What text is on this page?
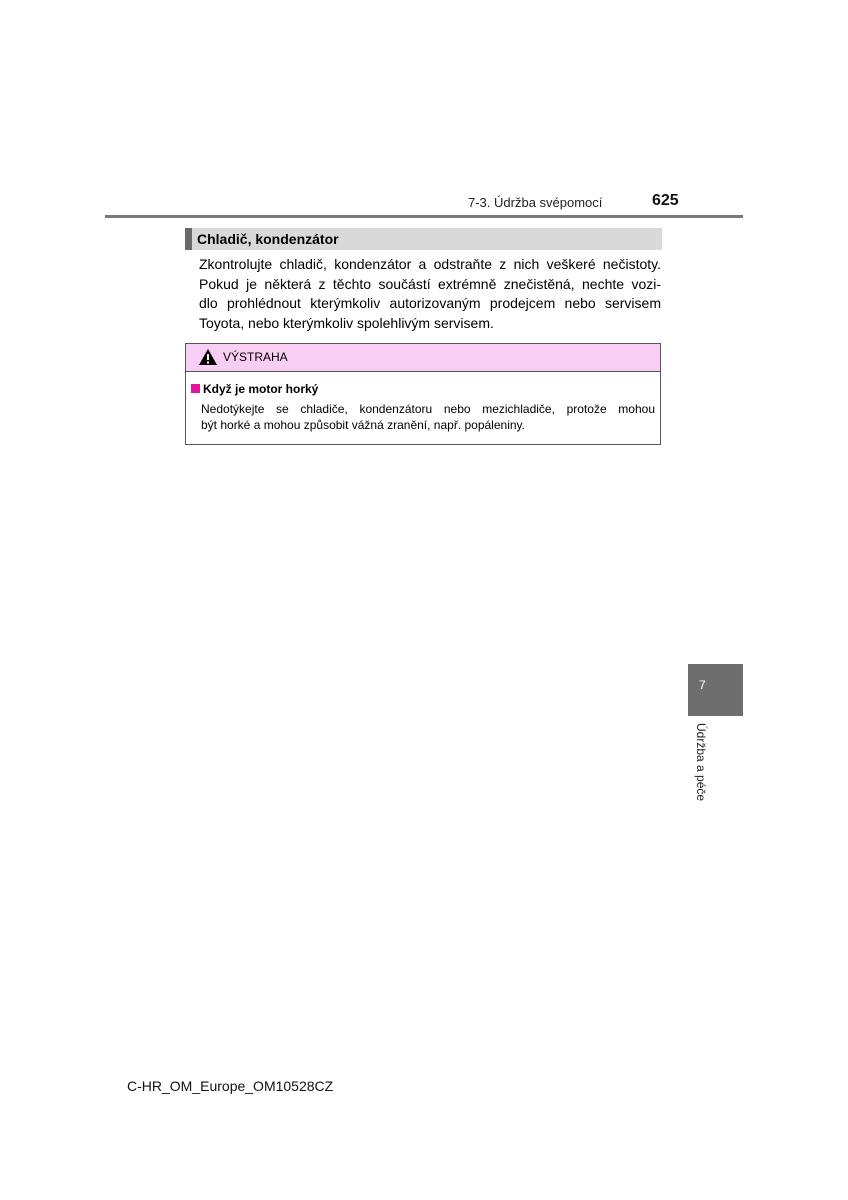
7-3. Údržba svépomocí	625
Chladič, kondenzátor

Zkontrolujte chladič, kondenzátor a odstraňte z nich veškeré nečistoty.
Pokud je některá z těchto součástí extrémně znečistěná, nechte vozi-
dlo prohlédnout kterýmkoliv autorizovaným prodejcem nebo servisem
Toyota, nebo kterýmkoliv spolehlivým servisem.

VÝSTRAHA
Když je motor horký

Nedotýkejte se chladiče, kondenzátoru nebo mezichladiče, protože mohou
být horké a mohou způsobit vážná zranění, např. popáleniny.

7
Údržba a péče
C-HR_OM_Europe_OM10528CZ
